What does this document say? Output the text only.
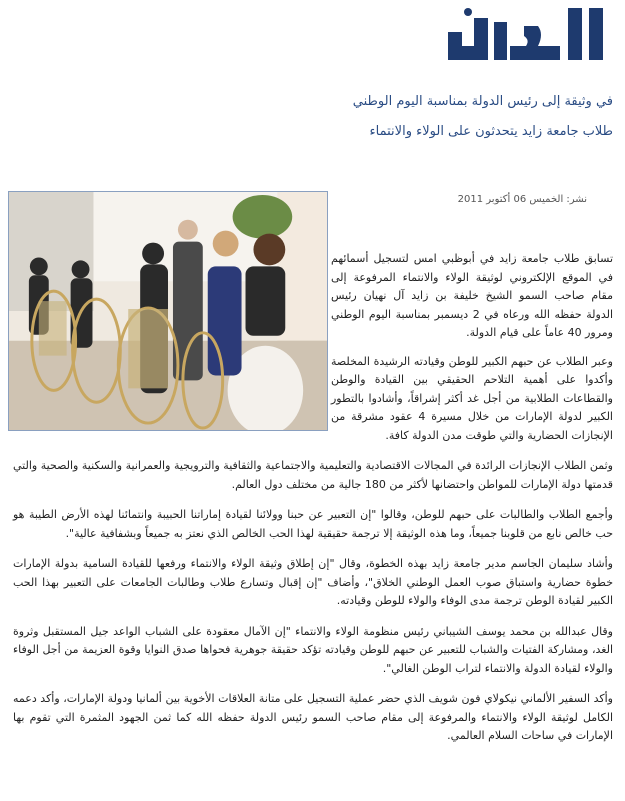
في وثيقة إلى رئيس الدولة بمناسبة اليوم الوطني

طلاب جامعة زايد يتحدثون على الولاء والانتماء

نشر: الخميس 06 أكتوبر 2011

تسابق طلاب جامعة زايد في أبوظبي امس لتسجيل أسمائهم في الموقع الإلكتروني لوثيقة الولاء والانتماء المرفوعة إلى مقام صاحب السمو الشيخ خليفة بن زايد آل نهيان رئيس الدولة حفظه الله ورعاه في 2 ديسمبر بمناسبة اليوم الوطني ومرور 40 عاماً على قيام الدولة.

وعبر الطلاب عن حبهم الكبير للوطن وقيادته الرشيدة المخلصة وأكدوا على أهمية التلاحم الحقيقي بين القيادة والوطن والقطاعات الطلابية من أجل غد أكثر إشراقاً، وأشادوا بالتطور الكبير لدولة الإمارات من خلال مسيرة 4 عقود مشرقة من الإنجازات الحضارية والتي طوقت مدن الدولة كافة.

وثمن الطلاب الإنجازات الرائدة في المجالات الاقتصادية والتعليمية والاجتماعية والثقافية والترويجية والعمرانية والسكنية والصحية والتي قدمتها دولة الإمارات للمواطن واحتضانها لأكثر من 180 جالية من مختلف دول العالم.

وأجمع الطلاب والطالبات على حبهم للوطن، وقالوا "إن التعبير عن حبنا وولائنا لقيادة إماراتنا الحبيبة وانتمائنا لهذه الأرض الطيبة هو حب خالص نابع من قلوبنا جميعاً، وما هذه الوثيقة إلا ترجمة حقيقية لهذا الحب الخالص الذي نعتز به جميعاً وبشفافية عالية".

وأشاد سليمان الجاسم مدير جامعة زايد بهذه الخطوة، وقال "إن إطلاق وثيقة الولاء والانتماء ورفعها للقيادة السامية بدولة الإمارات خطوة حضارية واستباق صوب العمل الوطني الخلاق"، وأضاف "إن إقبال وتسارع طلاب وطالبات الجامعات على التعبير بهذا الحب الكبير لقيادة الوطن ترجمة مدى الوفاء والولاء للوطن وقيادته.

وقال عبدالله بن محمد يوسف الشيباني رئيس منظومة الولاء والانتماء "إن الآمال معقودة على الشباب الواعد جيل المستقبل وثروة الغد، ومشاركة الفتيات والشباب للتعبير عن حبهم للوطن وقيادته تؤكد حقيقة جوهرية فحواها صدق النوايا وقوة العزيمة من أجل الوفاء والولاء لقيادة الدولة والانتماء لتراب الوطن الغالي".

وأكد السفير الألماني نيكولاي فون شويف الذي حضر عملية التسجيل على متانة العلاقات الأخوية بين ألمانيا ودولة الإمارات، وأكد دعمه الكامل لوثيقة الولاء والانتماء والمرفوعة إلى مقام صاحب السمو رئيس الدولة حفظه الله كما ثمن الجهود المثمرة التي تقوم بها الإمارات في ساحات السلام العالمي.
